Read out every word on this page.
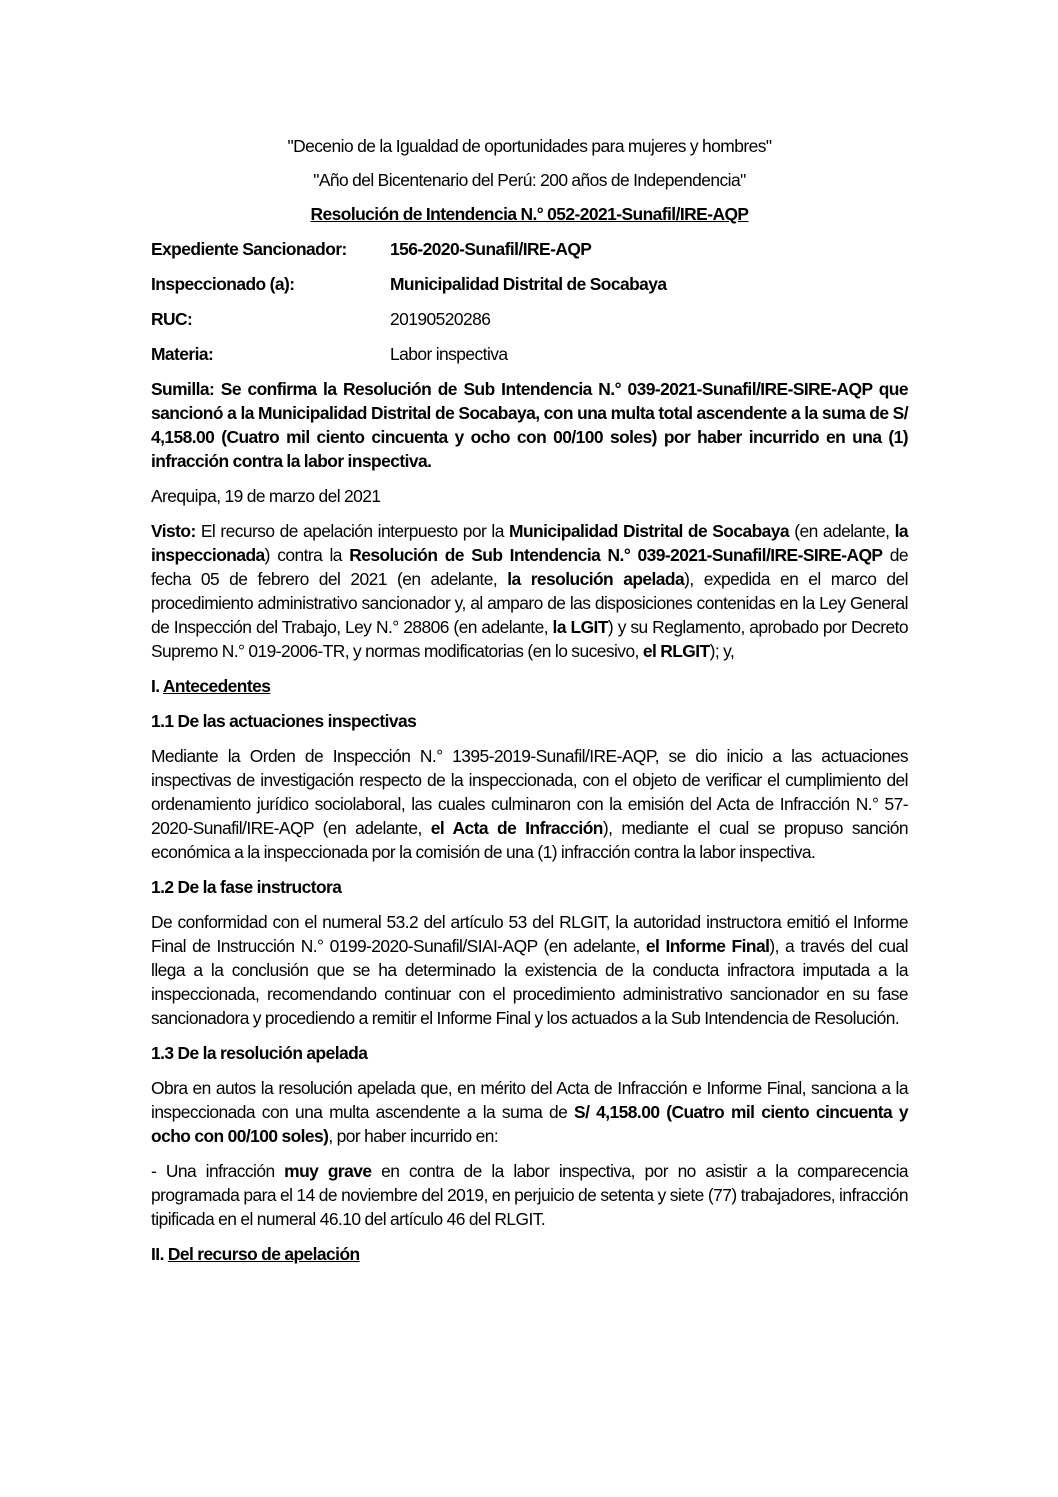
"Decenio de la Igualdad de oportunidades para mujeres y hombres"

"Año del Bicentenario del Perú: 200 años de Independencia"

Resolución de Intendencia N.° 052-2021-Sunafil/IRE-AQP

Expediente Sancionador:	156-2020-Sunafil/IRE-AQP
Inspeccionado (a):	Municipalidad Distrital de Socabaya
RUC:	20190520286
Materia:	Labor inspectiva

Sumilla: Se confirma la Resolución de Sub Intendencia N.° 039-2021-Sunafil/IRE-SIRE-AQP que sancionó a la Municipalidad Distrital de Socabaya, con una multa total ascendente a la suma de S/ 4,158.00 (Cuatro mil ciento cincuenta y ocho con 00/100 soles) por haber incurrido en una (1) infracción contra la labor inspectiva.

Arequipa, 19 de marzo del 2021

Visto: El recurso de apelación interpuesto por la Municipalidad Distrital de Socabaya (en adelante, la inspeccionada) contra la Resolución de Sub Intendencia N.° 039-2021-Sunafil/IRE-SIRE-AQP de fecha 05 de febrero del 2021 (en adelante, la resolución apelada), expedida en el marco del procedimiento administrativo sancionador y, al amparo de las disposiciones contenidas en la Ley General de Inspección del Trabajo, Ley N.° 28806 (en adelante, la LGIT) y su Reglamento, aprobado por Decreto Supremo N.° 019-2006-TR, y normas modificatorias (en lo sucesivo, el RLGIT); y,

I. Antecedentes

1.1 De las actuaciones inspectivas

Mediante la Orden de Inspección N.° 1395-2019-Sunafil/IRE-AQP, se dio inicio a las actuaciones inspectivas de investigación respecto de la inspeccionada, con el objeto de verificar el cumplimiento del ordenamiento jurídico sociolaboral, las cuales culminaron con la emisión del Acta de Infracción N.° 57-2020-Sunafil/IRE-AQP (en adelante, el Acta de Infracción), mediante el cual se propuso sanción económica a la inspeccionada por la comisión de una (1) infracción contra la labor inspectiva.

1.2 De la fase instructora

De conformidad con el numeral 53.2 del artículo 53 del RLGIT, la autoridad instructora emitió el Informe Final de Instrucción N.° 0199-2020-Sunafil/SIAI-AQP (en adelante, el Informe Final), a través del cual llega a la conclusión que se ha determinado la existencia de la conducta infractora imputada a la inspeccionada, recomendando continuar con el procedimiento administrativo sancionador en su fase sancionadora y procediendo a remitir el Informe Final y los actuados a la Sub Intendencia de Resolución.

1.3 De la resolución apelada

Obra en autos la resolución apelada que, en mérito del Acta de Infracción e Informe Final, sanciona a la inspeccionada con una multa ascendente a la suma de S/ 4,158.00 (Cuatro mil ciento cincuenta y ocho con 00/100 soles), por haber incurrido en:

- Una infracción muy grave en contra de la labor inspectiva, por no asistir a la comparecencia programada para el 14 de noviembre del 2019, en perjuicio de setenta y siete (77) trabajadores, infracción tipificada en el numeral 46.10 del artículo 46 del RLGIT.

II. Del recurso de apelación
